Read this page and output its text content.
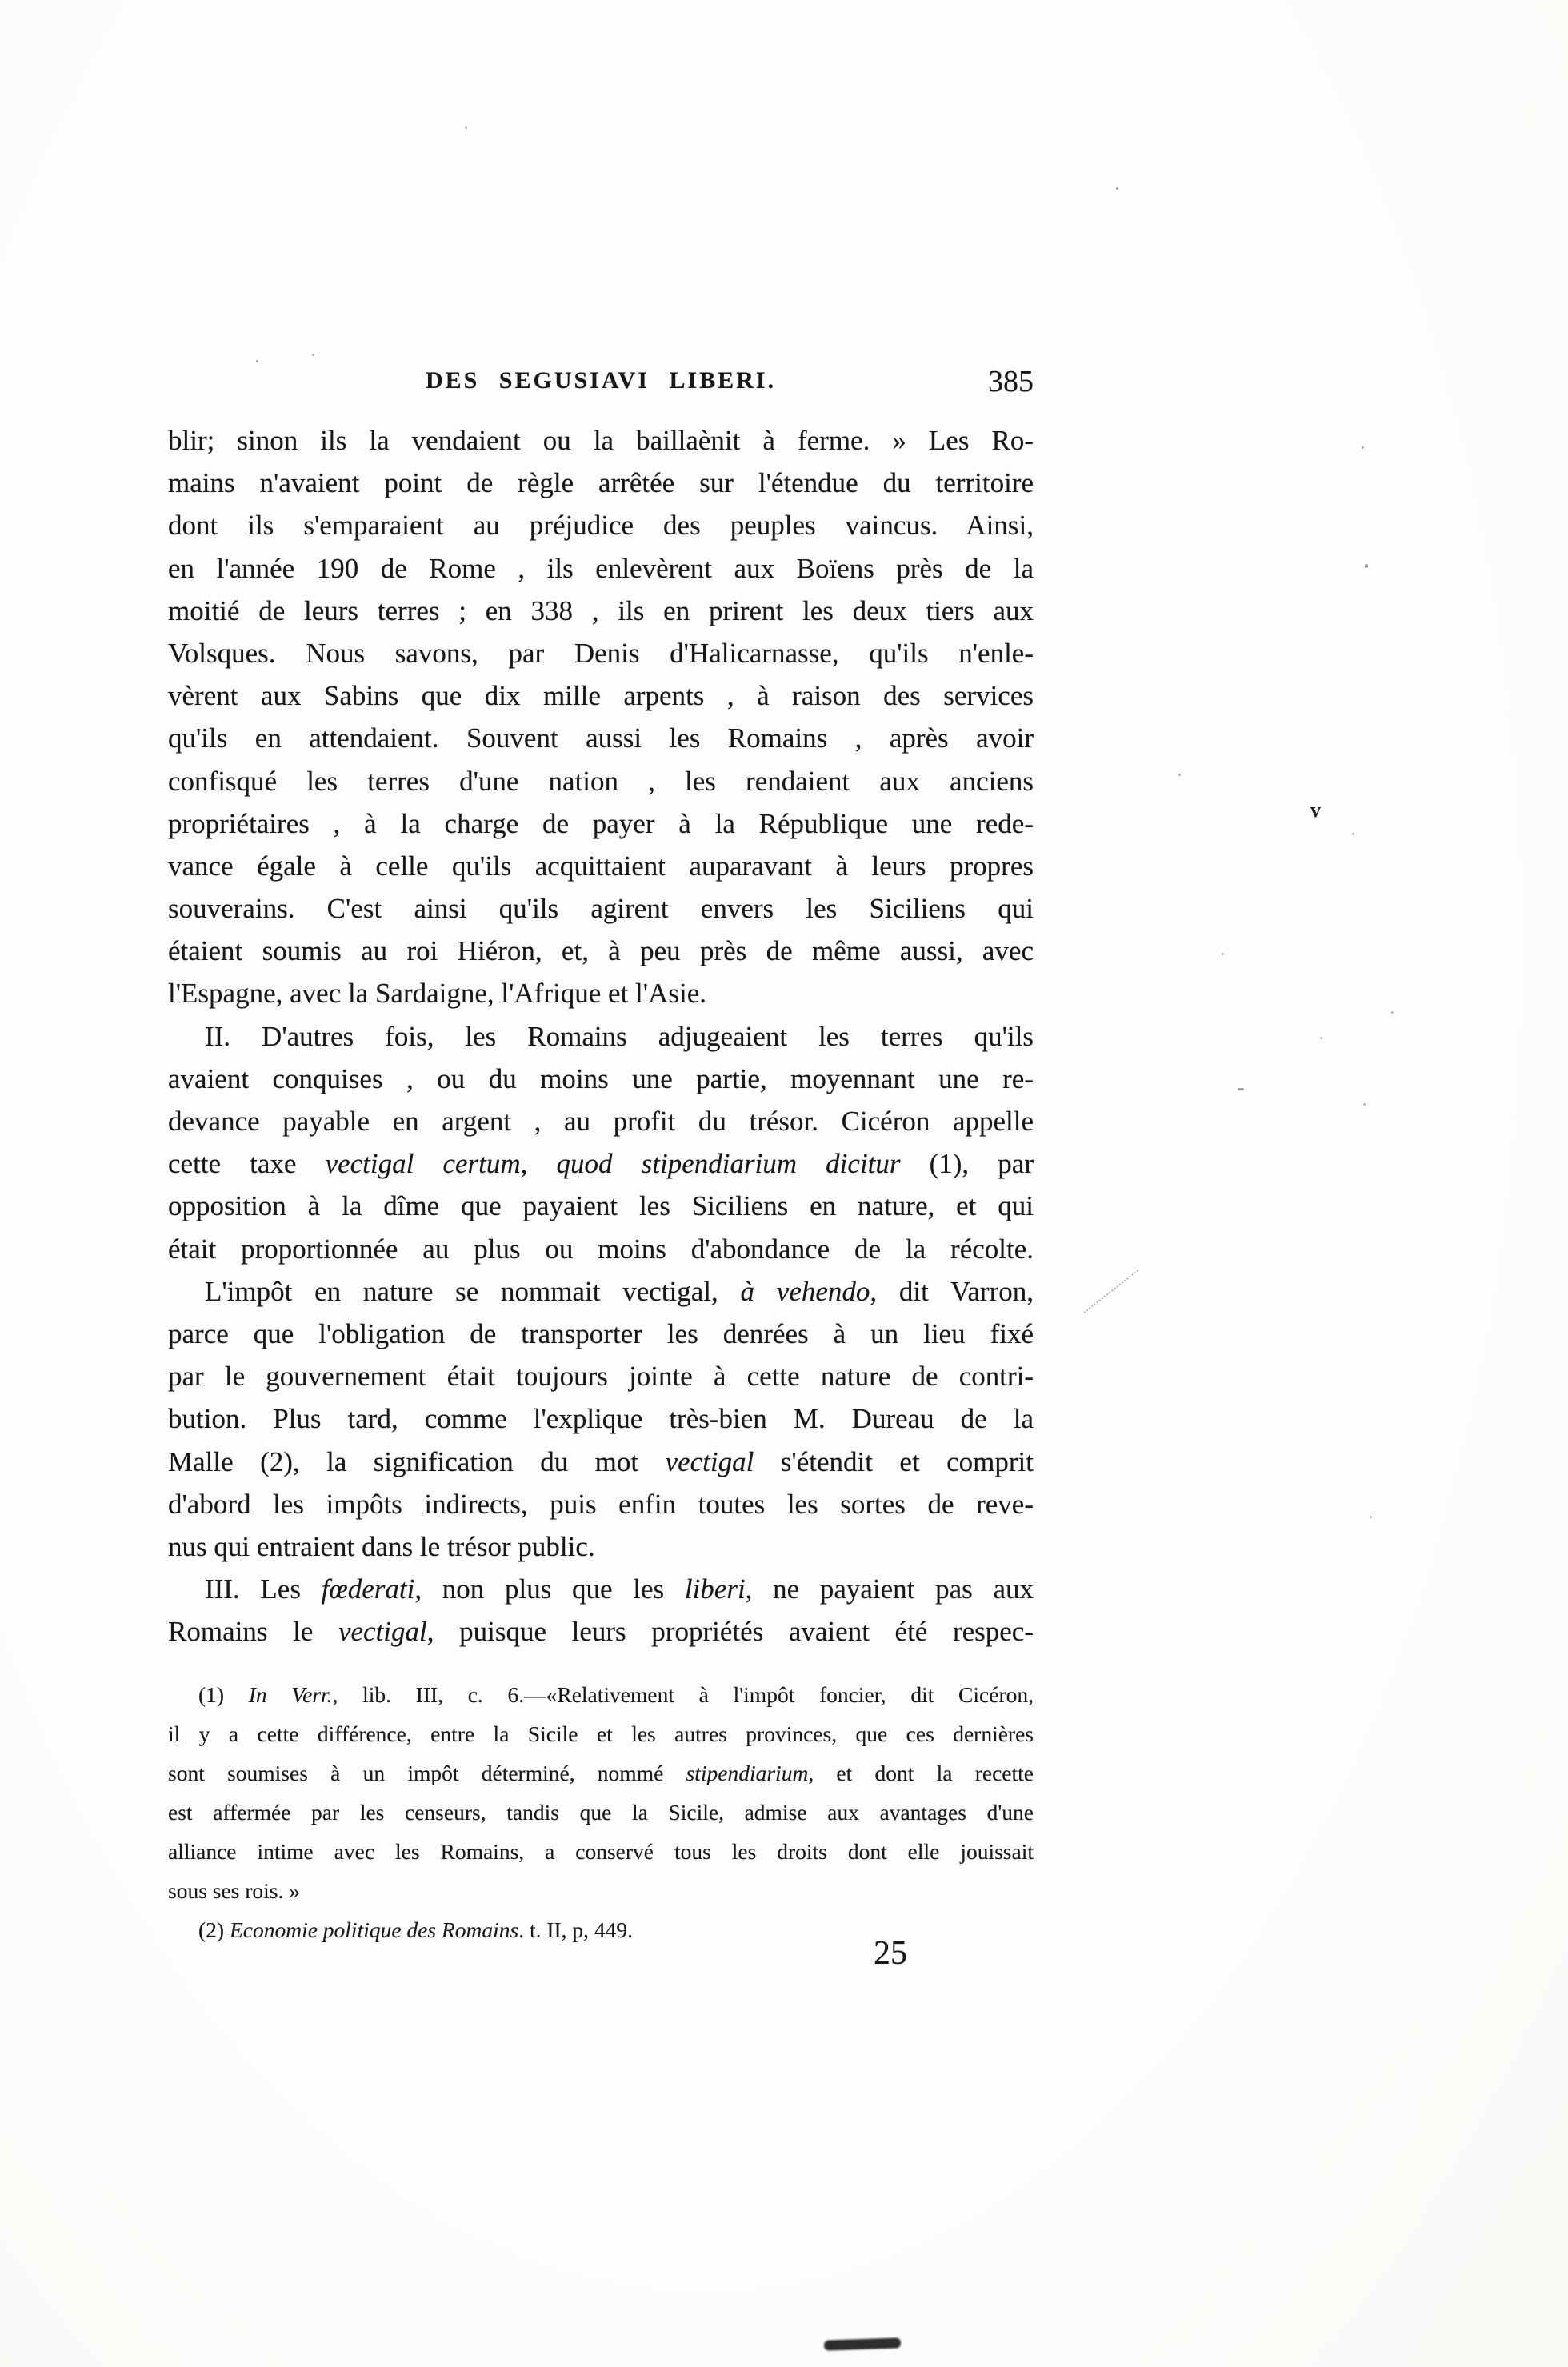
DES SEGUSIAVI LIBERI.	385
blir; sinon ils la vendaient ou la baillaènit à ferme. » Les Ro-
mains n'avaient point de règle arrêtée sur l'étendue du territoire
dont ils s'emparaient au préjudice des peuples vaincus. Ainsi,
en l'année 190 de Rome , ils enlevèrent aux Boïens près de la
moitié de leurs terres ; en 338 , ils en prirent les deux tiers aux
Volsques. Nous savons, par Denis d'Halicarnasse, qu'ils n'enle-
vèrent aux Sabins que dix mille arpents , à raison des services
qu'ils en attendaient. Souvent aussi les Romains , après avoir
confisqué les terres d'une nation , les rendaient aux anciens
propriétaires , à la charge de payer à la République une rede-
vance égale à celle qu'ils acquittaient auparavant à leurs propres
souverains. C'est ainsi qu'ils agirent envers les Siciliens qui
étaient soumis au roi Hiéron, et, à peu près de même aussi, avec
l'Espagne, avec la Sardaigne, l'Afrique et l'Asie.
II. D'autres fois, les Romains adjugeaient les terres qu'ils
avaient conquises , ou du moins une partie, moyennant une re-
devance payable en argent , au profit du trésor. Cicéron appelle
cette taxe vectigal certum, quod stipendiarium dicitur (1), par
opposition à la dîme que payaient les Siciliens en nature, et qui
était proportionnée au plus ou moins d'abondance de la récolte.
L'impôt en nature se nommait vectigal, à vehendo, dit Varron,
parce que l'obligation de transporter les denrées à un lieu fixé
par le gouvernement était toujours jointe à cette nature de contri-
bution. Plus tard, comme l'explique très-bien M. Dureau de la
Malle (2), la signification du mot vectigal s'étendit et comprit
d'abord les impôts indirects, puis enfin toutes les sortes de reve-
nus qui entraient dans le trésor public.
III. Les fœderati, non plus que les liberi, ne payaient pas aux
Romains le vectigal, puisque leurs propriétés avaient été respec-
(1) In Verr., lib. III, c. 6.—«Relativement à l'impôt foncier, dit Cicéron,
il y a cette différence, entre la Sicile et les autres provinces, que ces dernières
sont soumises à un impôt déterminé, nommé stipendiarium, et dont la recette
est affermée par les censeurs, tandis que la Sicile, admise aux avantages d'une
alliance intime avec les Romains, a conservé tous les droits dont elle jouissait
sous ses rois. »
(2) Economie politique des Romains. t. II, p, 449.
25
v
